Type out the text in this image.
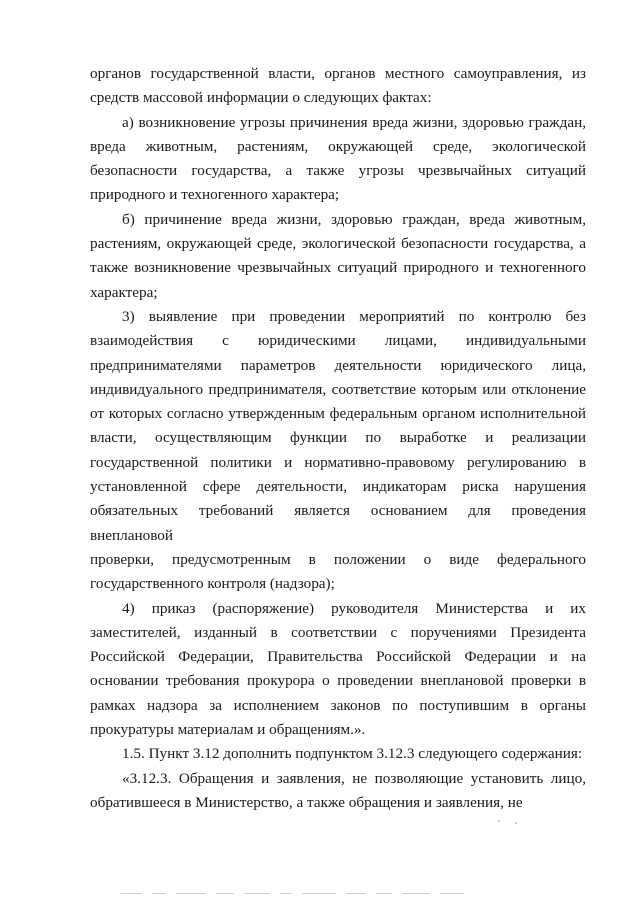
органов государственной власти, органов местного самоуправления, из

средств массовой информации о следующих фактах:

а) возникновение угрозы причинения вреда жизни, здоровью граждан,

вреда животным, растениям, окружающей среде, экологической

безопасности государства, а также угрозы чрезвычайных ситуаций

природного и техногенного характера;

б) причинение вреда жизни, здоровью граждан, вреда животным,

растениям, окружающей среде, экологической безопасности государства, а

также возникновение чрезвычайных ситуаций природного и техногенного

характера;

3) выявление при проведении мероприятий по контролю без

взаимодействия с юридическими лицами, индивидуальными

предпринимателями параметров деятельности юридического лица,

индивидуального предпринимателя, соответствие которым или отклонение

от которых согласно утвержденным федеральным органом исполнительной

власти, осуществляющим функции по выработке и реализации

государственной политики и нормативно-правовому регулированию в

установленной сфере деятельности, индикаторам риска нарушения

обязательных требований является основанием для проведения внеплановой

проверки, предусмотренным в положении о виде федерального

государственного контроля (надзора);

4) приказ (распоряжение) руководителя Министерства и их

заместителей, изданный в соответствии с поручениями Президента

Российской Федерации, Правительства Российской Федерации и на

основании требования прокурора о проведении внеплановой проверки в

рамках надзора за исполнением законов по поступившим в органы

прокуратуры материалам и обращениям.».

1.5. Пункт 3.12 дополнить подпунктом 3.12.3 следующего содержания:

«3.12.3. Обращения и заявления, не позволяющие установить лицо,

обратившееся в Министерство, а также обращения и заявления, не
